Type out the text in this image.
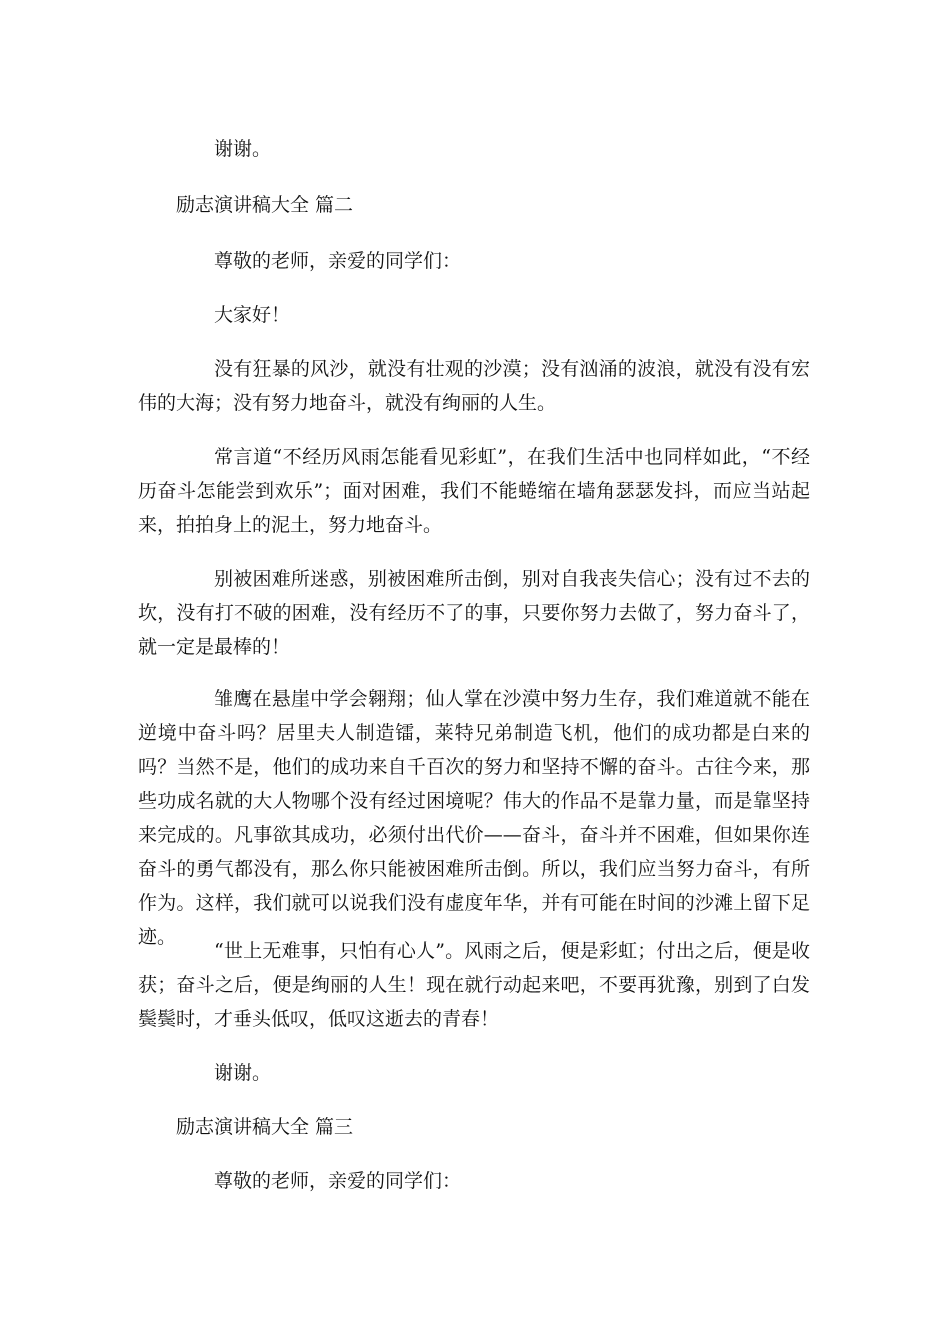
谢谢。
励志演讲稿大全 篇二
尊敬的老师，亲爱的同学们：
大家好！
没有狂暴的风沙，就没有壮观的沙漠；没有汹涌的波浪，就没有没有宏伟的大海；没有努力地奋斗，就没有绚丽的人生。
常言道“不经历风雨怎能看见彩虹”，在我们生活中也同样如此，“不经历奋斗怎能尝到欢乐”；面对困难，我们不能蜷缩在墙角瑟瑟发抖，而应当站起来，拍拍身上的泥土，努力地奋斗。
别被困难所迷惑，别被困难所击倒，别对自我丧失信心；没有过不去的坎，没有打不破的困难，没有经历不了的事，只要你努力去做了，努力奋斗了，就一定是最棒的！
雏鹰在悬崖中学会翱翔；仙人掌在沙漠中努力生存，我们难道就不能在逆境中奋斗吗？居里夫人制造镭，莱特兄弟制造飞机，他们的成功都是白来的吗？当然不是，他们的成功来自千百次的努力和坚持不懈的奋斗。古往今来，那些功成名就的大人物哪个没有经过困境呢？伟大的作品不是靠力量，而是靠坚持来完成的。凡事欲其成功，必须付出代价——奋斗，奋斗并不困难，但如果你连奋斗的勇气都没有，那么你只能被困难所击倒。所以，我们应当努力奋斗，有所作为。这样，我们就可以说我们没有虚度年华，并有可能在时间的沙滩上留下足迹。
“世上无难事，只怕有心人”。风雨之后，便是彩虹；付出之后，便是收获；奋斗之后，便是绚丽的人生！现在就行动起来吧，不要再犹豫，别到了白发鬓鬓时，才垂头低叹，低叹这逝去的青春！
谢谢。
励志演讲稿大全 篇三
尊敬的老师，亲爱的同学们：
